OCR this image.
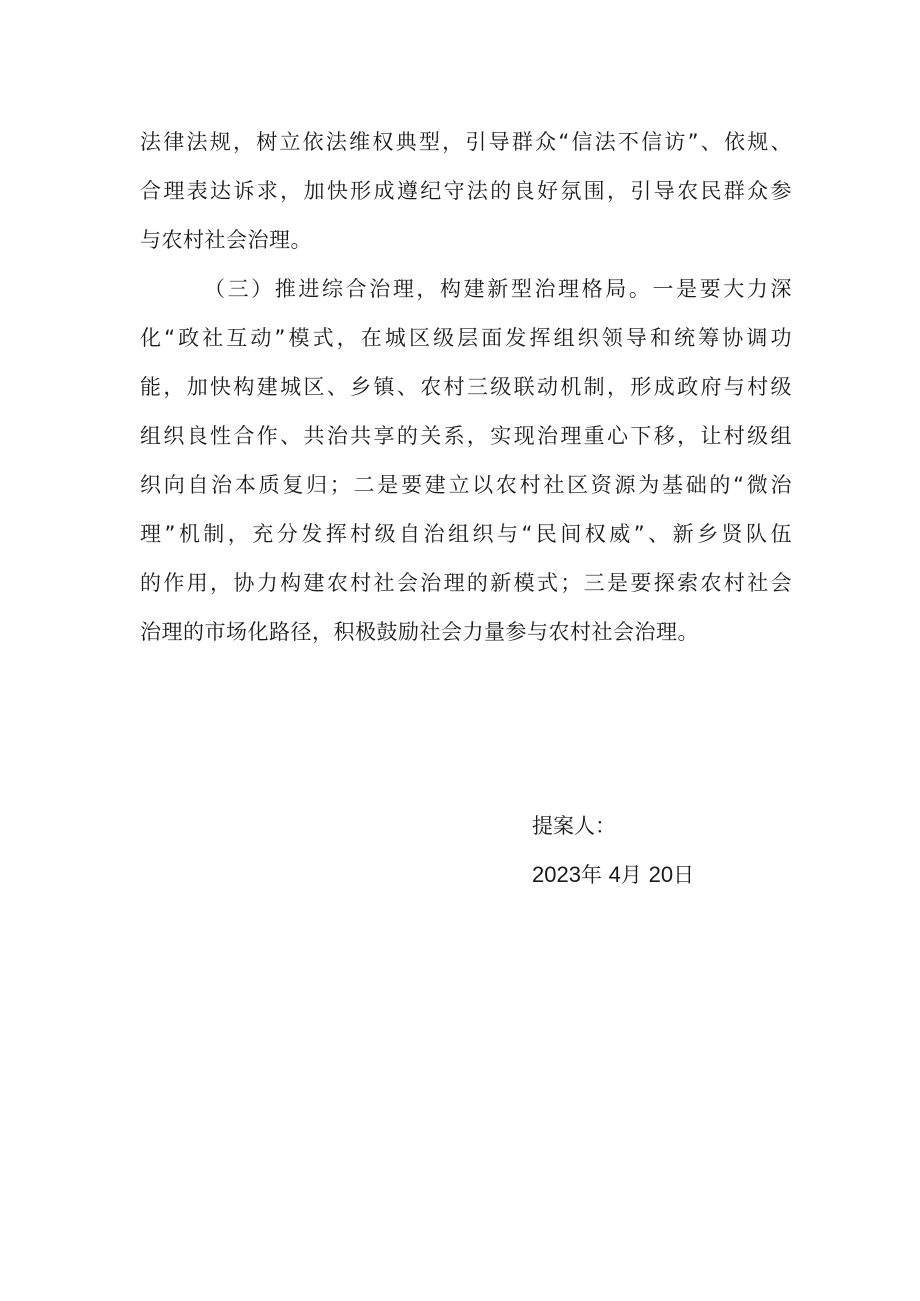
法律法规，树立依法维权典型，引导群众“信法不信访”、依规、
合理表达诉求，加快形成遵纪守法的良好氛围，引导农民群众参
与农村社会治理。
（三）推进综合治理，构建新型治理格局。一是要大力深
化“政社互动”模式，在城区级层面发挥组织领导和统筹协调功
能，加快构建城区、乡镇、农村三级联动机制，形成政府与村级
组织良性合作、共治共享的关系，实现治理重心下移，让村级组
织向自治本质复归；二是要建立以农村社区资源为基础的“微治
理”机制，充分发挥村级自治组织与“民间权威”、新乡贤队伍
的作用，协力构建农村社会治理的新模式；三是要探索农村社会
治理的市场化路径，积极鼓励社会力量参与农村社会治理。
提案人：
2023年 4月 20日
